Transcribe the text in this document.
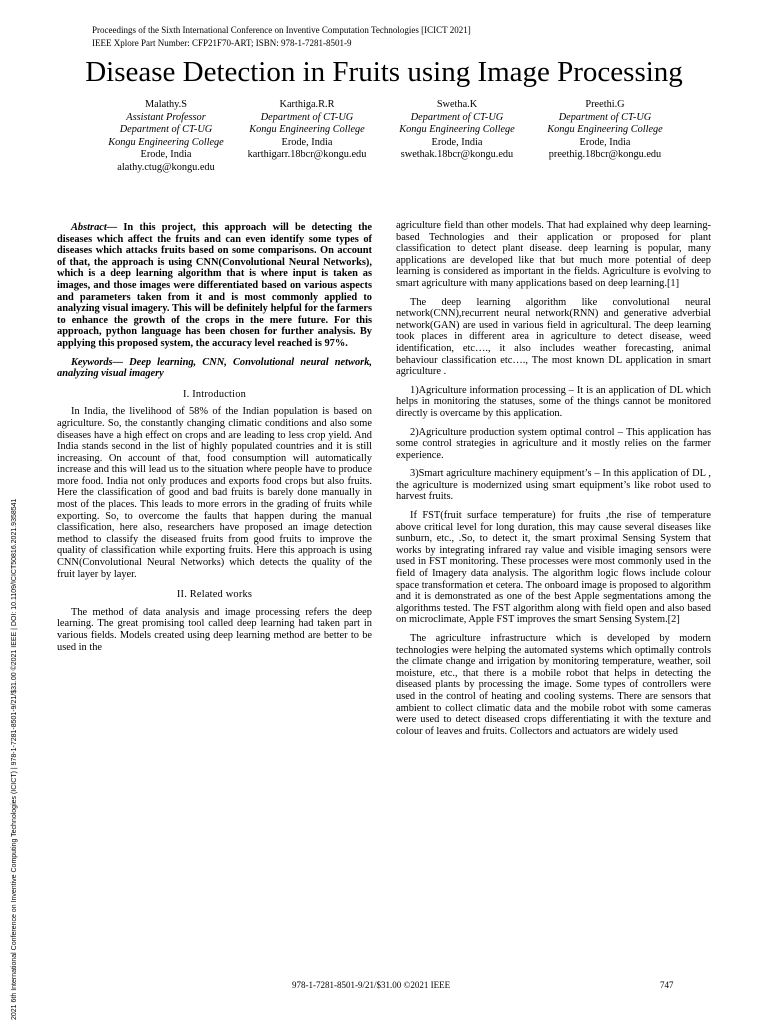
Proceedings of the Sixth International Conference on Inventive Computation Technologies [ICICT 2021]
IEEE Xplore Part Number: CFP21F70-ART; ISBN: 978-1-7281-8501-9
Disease Detection in Fruits using Image Processing
Malathy.S
Assistant Professor
Department of CT-UG
Kongu Engineering College
Erode, India
alathy.ctug@kongu.edu
Karthiga.R.R
Department of CT-UG
Kongu Engineering College
Erode, India
karthigarr.18bcr@kongu.edu
Swetha.K
Department of CT-UG
Kongu Engineering College
Erode, India
swethak.18bcr@kongu.edu
Preethi.G
Department of CT-UG
Kongu Engineering College
Erode, India
preethig.18bcr@kongu.edu
2021 6th International Conference on Inventive Computing Technologies (ICICT) | 978-1-7281-8501-9/21/$31.00 ©2021 IEEE | DOI: 10.1109/ICICT50816.2021.9358541

Abstract— In this project, this approach will be detecting the diseases which affect the fruits and can even identify some types of diseases which attacks fruits based on some comparisons. On account of that, the approach is using CNN(Convolutional Neural Networks), which is a deep learning algorithm that is where input is taken as images, and those images were differentiated based on various aspects and parameters taken from it and is most commonly applied to analyzing visual imagery. This will be definitely helpful for the farmers to enhance the growth of the crops in the mere future. For this approach, python language has been chosen for further analysis. By applying this proposed system, the accuracy level reached is 97%.

Keywords— Deep learning, CNN, Convolutional neural network, analyzing visual imagery

I. Introduction

In India, the livelihood of 58% of the Indian population is based on agriculture. So, the constantly changing climatic conditions and also some diseases have a high effect on crops and are leading to less crop yield. And India stands second in the list of highly populated countries and it is still increasing. On account of that, food consumption will automatically increase and this will lead us to the situation where people have to produce more food. India not only produces and exports food crops but also fruits. Here the classification of good and bad fruits is barely done manually in most of the places. This leads to more errors in the grading of fruits while exporting. So, to overcome the faults that happen during the manual classification, here also, researchers have proposed an image detection method to classify the diseased fruits from good fruits to improve the quality of classification while exporting fruits. Here this approach is using CNN(Convolutional Neural Networks) which detects the quality of the fruit layer by layer.

II. Related works

The method of data analysis and image processing refers the deep learning. The great promising tool called deep learning had taken part in various fields. Models created using deep learning method are better to be used in the

agriculture field than other models. That had explained why deep learning-based Technologies and their application or proposed for plant classification to detect plant disease. deep learning is popular, many applications are developed like that but much more potential of deep learning is considered as important in the fields. Agriculture is evolving to smart agriculture with many applications based on deep learning.[1]

The deep learning algorithm like convolutional neural network(CNN),recurrent neural network(RNN) and generative adverbial network(GAN) are used in various field in agricultural. The deep learning took places in different area in agriculture to detect disease, weed identification, etc…., it also includes weather forecasting, animal behaviour classification etc…., The most known DL application in smart agriculture .

1)Agriculture information processing – It is an application of DL which helps in monitoring the statuses, some of the things cannot be monitored directly is overcame by this application.

2)Agriculture production system optimal control – This application has some control strategies in agriculture and it mostly relies on the farmer experience.

3)Smart agriculture machinery equipment’s – In this application of DL , the agriculture is modernized using smart equipment’s like robot used to harvest fruits.

If FST(fruit surface temperature) for fruits ,the rise of temperature above critical level for long duration, this may cause several diseases like sunburn, etc., .So, to detect it, the smart proximal Sensing System that works by integrating infrared ray value and visible imaging sensors were used in FST monitoring. These processes were most commonly used in the field of Imagery data analysis. The algorithm logic flows include colour space transformation et cetera. The onboard image is proposed to algorithm and it is demonstrated as one of the best Apple segmentations among the algorithms tested. The FST algorithm along with field open and also based on microclimate, Apple FST improves the smart Sensing System.[2]

The agriculture infrastructure which is developed by modern technologies were helping the automated systems which optimally controls the climate change and irrigation by monitoring temperature, weather, soil moisture, etc., that there is a mobile robot that helps in detecting the diseased plants by processing the image. Some types of controllers were used in the control of heating and cooling systems. There are sensors that ambient to collect climatic data and the mobile robot with some cameras were used to detect diseased crops differentiating it with the texture and colour of leaves and fruits. Collectors and actuators are widely used

978-1-7281-8501-9/21/$31.00 ©2021 IEEE	747
